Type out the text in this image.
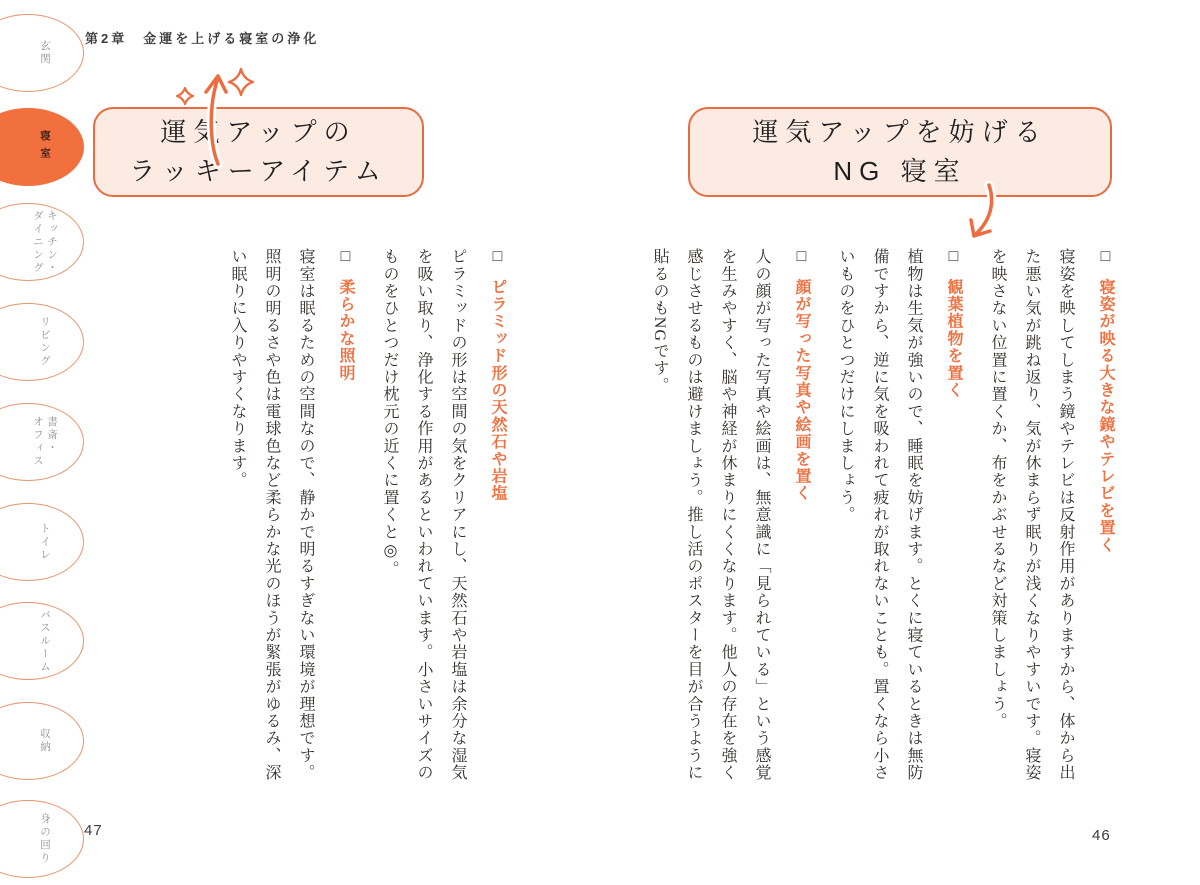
玄関
寝室
キッチン・
ダイニング
リビング
書斎・
オフィス
トイレ
バスルーム
収納
身の回り
第2章　金運を上げる寝室の浄化
運気アップの
ラッキーアイテム
運気アップを妨げる
NG 寝室
□寝姿が映る大きな鏡やテレビを置く
寝姿を映してしまう鏡やテレビは反射作用がありますから、体から出
た悪い気が跳ね返り、気が休まらず眠りが浅くなりやすいです。寝姿
を映さない位置に置くか、布をかぶせるなど対策しましょう。
□観葉植物を置く
植物は生気が強いので、睡眠を妨げます。とくに寝ているときは無防
備ですから、逆に気を吸われて疲れが取れないことも。置くなら小さ
いものをひとつだけにしましょう。
□顔が写った写真や絵画を置く
人の顔が写った写真や絵画は、無意識に「見られている」という感覚
を生みやすく、脳や神経が休まりにくくなります。他人の存在を強く
感じさせるものは避けましょう。推し活のポスターを目が合うように
貼るのもNGです。
□ピラミッド形の天然石や岩塩
ピラミッドの形は空間の気をクリアにし、天然石や岩塩は余分な湿気
を吸い取り、浄化する作用があるといわれています。小さいサイズの
ものをひとつだけ枕元の近くに置くと◎。
□柔らかな照明
寝室は眠るための空間なので、静かで明るすぎない環境が理想です。
照明の明るさや色は電球色など柔らかな光のほうが緊張がゆるみ、深
い眠りに入りやすくなります。
47	46
